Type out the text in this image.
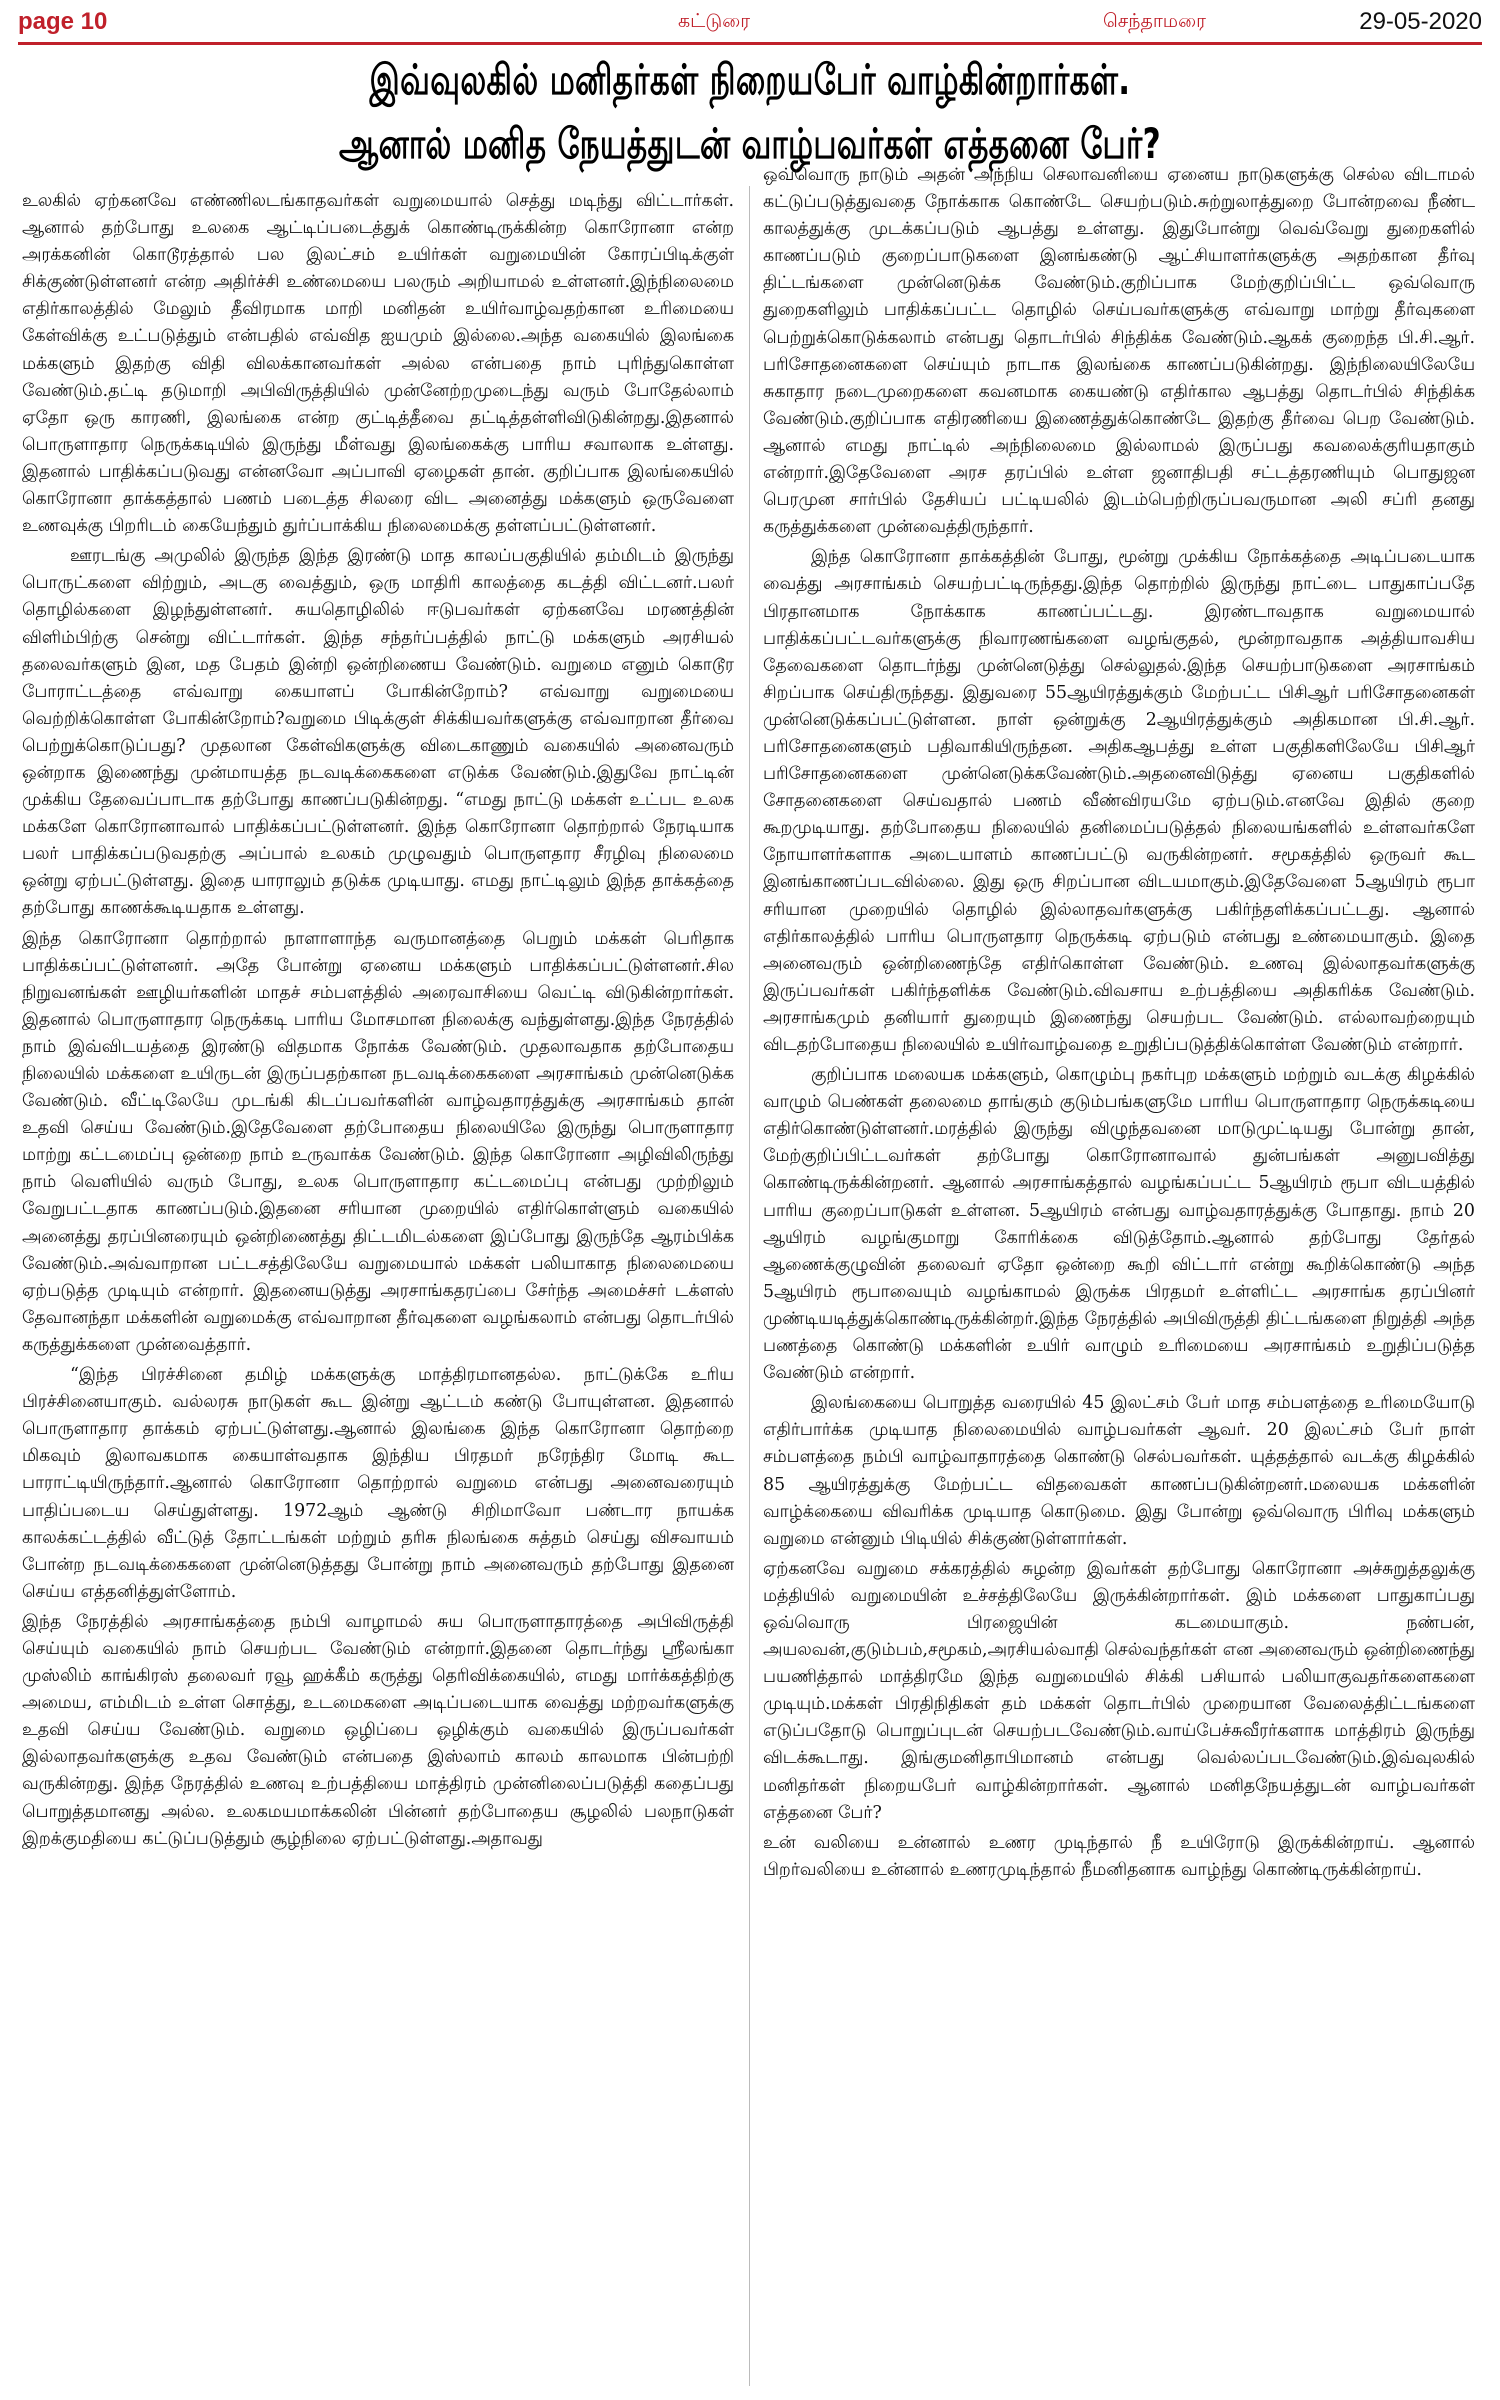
page 10	கட்டுரை	செந்தாமரை	29-05-2020
இவ்வுலகில் மனிதர்கள் நிறையபேர் வாழ்கின்றார்கள்.
ஆனால் மனித நேயத்துடன் வாழ்பவர்கள் எத்தனை பேர்?

உலகில் ஏற்கனவே எண்ணிலடங்காதவர்கள் வறுமையால் செத்து மடிந்து விட்டார்கள். ஆனால் தற்போது உலகை ஆட்டிப்படைத்துக் கொண்டிருக்கின்ற கொரோனா என்ற அரக்கனின் கொடூரத்தால் பல இலட்சம் உயிர்கள் வறுமையின் கோரப்பிடிக்குள் சிக்குண்டுள்ளனர் என்ற அதிர்ச்சி உண்மையை பலரும் அறியாமல் உள்ளனர்.இந்நிலைமை எதிர்காலத்தில் மேலும் தீவிரமாக மாறி மனிதன் உயிர்வாழ்வதற்கான உரிமையை கேள்விக்கு உட்படுத்தும் என்பதில் எவ்வித ஐயமும் இல்லை.அந்த வகையில் இலங்கை மக்களும் இதற்கு விதி விலக்கானவர்கள் அல்ல என்பதை நாம் புரிந்துகொள்ள வேண்டும்.தட்டி தடுமாறி அபிவிருத்தியில் முன்னேற்றமுடைந்து வரும் போதேல்லாம் ஏதோ ஒரு காரணி, இலங்கை என்ற குட்டித்தீவை தட்டித்தள்ளிவிடுகின்றது.இதனால் பொருளாதார நெருக்கடியில் இருந்து மீள்வது இலங்கைக்கு பாரிய சவாலாக உள்ளது. இதனால் பாதிக்கப்படுவது என்னவோ அப்பாவி ஏழைகள் தான். குறிப்பாக இலங்கையில் கொரோனா தாக்கத்தால் பணம் படைத்த சிலரை விட அனைத்து மக்களும் ஒருவேளை உணவுக்கு பிறரிடம் கையேந்தும் துர்ப்பாக்கிய நிலைமைக்கு தள்ளப்பட்டுள்ளனர்.

ஊரடங்கு அமுலில் இருந்த இந்த இரண்டு மாத காலப்பகுதியில் தம்மிடம் இருந்து பொருட்களை விற்றும், அடகு வைத்தும், ஒரு மாதிரி காலத்தை கடத்தி விட்டனர்.பலர் தொழில்களை இழந்துள்ளனர். சுயதொழிலில் ஈடுபவர்கள் ஏற்கனவே மரணத்தின் விளிம்பிற்கு சென்று விட்டார்கள். இந்த சந்தர்ப்பத்தில் நாட்டு மக்களும் அரசியல் தலைவர்களும் இன, மத பேதம் இன்றி ஒன்றிணைய வேண்டும். வறுமை எனும் கொடூர போராட்டத்தை எவ்வாறு கையாளப் போகின்றோம்? எவ்வாறு வறுமையை வெற்றிக்கொள்ள போகின்றோம்?வறுமை பிடிக்குள் சிக்கியவர்களுக்கு எவ்வாறான தீர்வை பெற்றுக்கொடுப்பது? முதலான கேள்விகளுக்கு விடைகாணும் வகையில் அனைவரும் ஒன்றாக இணைந்து முன்மாயத்த நடவடிக்கைகளை எடுக்க வேண்டும்.இதுவே நாட்டின் முக்கிய தேவைப்பாடாக தற்போது காணப்படுகின்றது. “எமது நாட்டு மக்கள் உட்பட உலக மக்களே கொரோனாவால் பாதிக்கப்பட்டுள்ளனர். இந்த கொரோனா தொற்றால் நேரடியாக பலர் பாதிக்கப்படுவதற்கு அப்பால் உலகம் முழுவதும் பொருளதார சீரழிவு நிலைமை ஒன்று ஏற்பட்டுள்ளது. இதை யாராலும் தடுக்க முடியாது. எமது நாட்டிலும் இந்த தாக்கத்தை தற்போது காணக்கூடியதாக உள்ளது.

இந்த கொரோனா தொற்றால் நாளாளாந்த வருமானத்தை பெறும் மக்கள் பெரிதாக பாதிக்கப்பட்டுள்ளனர். அதே போன்று ஏனைய மக்களும் பாதிக்கப்பட்டுள்ளனர்.சில நிறுவனங்கள் ஊழியர்களின் மாதச் சம்பளத்தில் அரைவாசியை வெட்டி விடுகின்றார்கள். இதனால் பொருளாதார நெருக்கடி பாரிய மோசமான நிலைக்கு வந்துள்ளது.இந்த நேரத்தில் நாம் இவ்விடயத்தை இரண்டு விதமாக நோக்க வேண்டும். முதலாவதாக தற்போதைய நிலையில் மக்களை உயிருடன் இருப்பதற்கான நடவடிக்கைகளை அரசாங்கம் முன்னெடுக்க வேண்டும். வீட்டிலேயே முடங்கி கிடப்பவர்களின் வாழ்வதாரத்துக்கு அரசாங்கம் தான் உதவி செய்ய வேண்டும்.இதேவேளை தற்போதைய நிலையிலே இருந்து பொருளாதார மாற்று கட்டமைப்பு ஒன்றை நாம் உருவாக்க வேண்டும். இந்த கொரோனா அழிவிலிருந்து நாம் வெளியில் வரும் போது, உலக பொருளாதார கட்டமைப்பு என்பது முற்றிலும் வேறுபட்டதாக காணப்படும்.இதனை சரியான முறையில் எதிர்கொள்ளும் வகையில் அனைத்து தரப்பினரையும் ஒன்றிணைத்து திட்டமிடல்களை இப்போது இருந்தே ஆரம்பிக்க வேண்டும்.அவ்வாறான பட்டசத்திலேயே வறுமையால் மக்கள் பலியாகாத நிலைமையை ஏற்படுத்த முடியும் என்றார். இதனையடுத்து அரசாங்கதரப்பை சேர்ந்த அமைச்சர் டக்ளஸ் தேவானந்தா மக்களின் வறுமைக்கு எவ்வாறான தீர்வுகளை வழங்கலாம் என்பது தொடர்பில் கருத்துக்களை முன்வைத்தார்.

“இந்த பிரச்சினை தமிழ் மக்களுக்கு மாத்திரமானதல்ல. நாட்டுக்கே உரிய பிரச்சினையாகும். வல்லரசு நாடுகள் கூட இன்று ஆட்டம் கண்டு போயுள்ளன. இதனால் பொருளாதார தாக்கம் ஏற்பட்டுள்ளது.ஆனால் இலங்கை இந்த கொரோனா தொற்றை மிகவும் இலாவகமாக கையாள்வதாக இந்திய பிரதமர் நரேந்திர மோடி கூட பாராட்டியிருந்தார்.ஆனால் கொரோனா தொற்றால் வறுமை என்பது அனைவரையும் பாதிப்படைய செய்துள்ளது. 1972ஆம் ஆண்டு சிறிமாவோ பண்டார நாயக்க காலக்கட்டத்தில் வீட்டுத் தோட்டங்கள் மற்றும் தரிசு நிலங்கை சுத்தம் செய்து விசவாயம் போன்ற நடவடிக்கைகளை முன்னெடுத்தது போன்று நாம் அனைவரும் தற்போது இதனை செய்ய எத்தனித்துள்ளோம்.

இந்த நேரத்தில் அரசாங்கத்தை நம்பி வாழாமல் சுய பொருளாதாரத்தை அபிவிருத்தி செய்யும் வகையில் நாம் செயற்பட வேண்டும் என்றார்.இதனை தொடர்ந்து ஸ்ரீலங்கா முஸ்லிம் காங்கிரஸ் தலைவர் ரவூ ஹக்கீம் கருத்து தெரிவிக்கையில், எமது மார்க்கத்திற்கு அமைய, எம்மிடம் உள்ள சொத்து, உடமைகளை அடிப்படையாக வைத்து மற்றவர்களுக்கு உதவி செய்ய வேண்டும். வறுமை ஒழிப்பை ஒழிக்கும் வகையில் இருப்பவர்கள் இல்லாதவர்களுக்கு உதவ வேண்டும் என்பதை இஸ்லாம் காலம் காலமாக பின்பற்றி வருகின்றது. இந்த நேரத்தில் உணவு உற்பத்தியை மாத்திரம் முன்னிலைப்படுத்தி கதைப்பது பொறுத்தமானது அல்ல. உலகமயமாக்கலின் பின்னர் தற்போதைய சூழலில் பலநாடுகள் இறக்குமதியை கட்டுப்படுத்தும் சூழ்நிலை ஏற்பட்டுள்ளது.அதாவது

ஒவ்வொரு நாடும் அதன் அந்நிய செலாவனியை ஏனைய நாடுகளுக்கு செல்ல விடாமல் கட்டுப்படுத்துவதை நோக்காக கொண்டே செயற்படும்.சுற்றுலாத்துறை போன்றவை நீண்ட காலத்துக்கு முடக்கப்படும் ஆபத்து உள்ளது. இதுபோன்று வெவ்வேறு துறைகளில் காணப்படும் குறைப்பாடுகளை இனங்கண்டு ஆட்சியாளர்களுக்கு அதற்கான தீர்வு திட்டங்களை முன்னெடுக்க வேண்டும்.குறிப்பாக மேற்குறிப்பிட்ட ஒவ்வொரு துறைகளிலும் பாதிக்கப்பட்ட தொழில் செய்பவர்களுக்கு எவ்வாறு மாற்று தீர்வுகளை பெற்றுக்கொடுக்கலாம் என்பது தொடர்பில் சிந்திக்க வேண்டும்.ஆகக் குறைந்த பி.சி.ஆர். பரிசோதனைகளை செய்யும் நாடாக இலங்கை காணப்படுகின்றது. இந்நிலையிலேயே சுகாதார நடைமுறைகளை கவனமாக கையண்டு எதிர்கால ஆபத்து தொடர்பில் சிந்திக்க வேண்டும்.குறிப்பாக எதிரணியை இணைத்துக்கொண்டே இதற்கு தீர்வை பெற வேண்டும். ஆனால் எமது நாட்டில் அந்நிலைமை இல்லாமல் இருப்பது கவலைக்குரியதாகும் என்றார்.இதேவேளை அரச தரப்பில் உள்ள ஜனாதிபதி சட்டத்தரணியும் பொதுஜன பெரமுன சார்பில் தேசியப் பட்டியலில் இடம்பெற்றிருப்பவருமான அலி சப்ரி தனது கருத்துக்களை முன்வைத்திருந்தார்.

இந்த கொரோனா தாக்கத்தின் போது, மூன்று முக்கிய நோக்கத்தை அடிப்படையாக வைத்து அரசாங்கம் செயற்பட்டிருந்தது.இந்த தொற்றில் இருந்து நாட்டை பாதுகாப்பதே பிரதானமாக நோக்காக காணப்பட்டது. இரண்டாவதாக வறுமையால் பாதிக்கப்பட்டவர்களுக்கு நிவாரணங்களை வழங்குதல், மூன்றாவதாக அத்தியாவசிய தேவைகளை தொடர்ந்து முன்னெடுத்து செல்லுதல்.இந்த செயற்பாடுகளை அரசாங்கம் சிறப்பாக செய்திருந்தது. இதுவரை 55ஆயிரத்துக்கும் மேற்பட்ட பிசிஆர் பரிசோதனைகள் முன்னெடுக்கப்பட்டுள்ளன. நாள் ஒன்றுக்கு 2ஆயிரத்துக்கும் அதிகமான பி.சி.ஆர். பரிசோதனைகளும் பதிவாகியிருந்தன. அதிகஆபத்து உள்ள பகுதிகளிலேயே பிசிஆர் பரிசோதனைகளை முன்னெடுக்கவேண்டும்.அதனைவிடுத்து ஏனைய பகுதிகளில் சோதனைகளை செய்வதால் பணம் வீண்விரயமே ஏற்படும்.எனவே இதில் குறை கூறமுடியாது. தற்போதைய நிலையில் தனிமைப்படுத்தல் நிலையங்களில் உள்ளவர்களே நோயாளர்களாக அடையாளம் காணப்பட்டு வருகின்றனர். சமூகத்தில் ஒருவர் கூட இனங்காணப்படவில்லை. இது ஒரு சிறப்பான விடயமாகும்.இதேவேளை 5ஆயிரம் ரூபா சரியான முறையில் தொழில் இல்லாதவர்களுக்கு பகிர்ந்தளிக்கப்பட்டது. ஆனால் எதிர்காலத்தில் பாரிய பொருளதார நெருக்கடி ஏற்படும் என்பது உண்மையாகும். இதை அனைவரும் ஒன்றிணைந்தே எதிர்கொள்ள வேண்டும். உணவு இல்லாதவர்களுக்கு இருப்பவர்கள் பகிர்ந்தளிக்க வேண்டும்.விவசாய உற்பத்தியை அதிகரிக்க வேண்டும். அரசாங்கமும் தனியார் துறையும் இணைந்து செயற்பட வேண்டும். எல்லாவற்றையும் விடதற்போதைய நிலையில் உயிர்வாழ்வதை உறுதிப்படுத்திக்கொள்ள வேண்டும் என்றார்.

குறிப்பாக மலையக மக்களும், கொழும்பு நகர்புற மக்களும் மற்றும் வடக்கு கிழக்கில் வாழும் பெண்கள் தலைமை தாங்கும் குடும்பங்களுமே பாரிய பொருளாதார நெருக்கடியை எதிர்கொண்டுள்ளனர்.மரத்தில் இருந்து விழுந்தவனை மாடுமுட்டியது போன்று தான், மேற்குறிப்பிட்டவர்கள் தற்போது கொரோனாவால் துன்பங்கள் அனுபவித்து கொண்டிருக்கின்றனர். ஆனால் அரசாங்கத்தால் வழங்கப்பட்ட 5ஆயிரம் ரூபா விடயத்தில் பாரிய குறைப்பாடுகள் உள்ளன. 5ஆயிரம் என்பது வாழ்வதாரத்துக்கு போதாது. நாம் 20 ஆயிரம் வழங்குமாறு கோரிக்கை விடுத்தோம்.ஆனால் தற்போது தேர்தல் ஆணைக்குழுவின் தலைவர் ஏதோ ஒன்றை கூறி விட்டார் என்று கூறிக்கொண்டு அந்த 5ஆயிரம் ரூபாவையும் வழங்காமல் இருக்க பிரதமர் உள்ளிட்ட அரசாங்க தரப்பினர் முண்டியடித்துக்கொண்டிருக்கின்றர்.இந்த நேரத்தில் அபிவிருத்தி திட்டங்களை நிறுத்தி அந்த பணத்தை கொண்டு மக்களின் உயிர் வாழும் உரிமையை அரசாங்கம் உறுதிப்படுத்த வேண்டும் என்றார்.

இலங்கையை பொறுத்த வரையில் 45 இலட்சம் பேர் மாத சம்பளத்தை உரிமையோடு எதிர்பார்க்க முடியாத நிலைமையில் வாழ்பவர்கள் ஆவர். 20 இலட்சம் பேர் நாள் சம்பளத்தை நம்பி வாழ்வாதாரத்தை கொண்டு செல்பவர்கள். யுத்தத்தால் வடக்கு கிழக்கில் 85 ஆயிரத்துக்கு மேற்பட்ட விதவைகள் காணப்படுகின்றனர்.மலையக மக்களின் வாழ்க்கையை விவரிக்க முடியாத கொடுமை. இது போன்று ஒவ்வொரு பிரிவு மக்களும் வறுமை என்னும் பிடியில் சிக்குண்டுள்ளார்கள்.

ஏற்கனவே வறுமை சக்கரத்தில் சுழன்ற இவர்கள் தற்போது கொரோனா அச்சுறுத்தலுக்கு மத்தியில் வறுமையின் உச்சத்திலேயே இருக்கின்றார்கள். இம் மக்களை பாதுகாப்பது ஒவ்வொரு பிரஜையின் கடமையாகும். நண்பன், அயலவன்,குடும்பம்,சமூகம்,அரசியல்வாதி செல்வந்தர்கள் என அனைவரும் ஒன்றிணைந்து பயணித்தால் மாத்திரமே இந்த வறுமையில் சிக்கி பசியால் பலியாகுவதர்களைகளை முடியும்.மக்கள் பிரதிநிதிகள் தம் மக்கள் தொடர்பில் முறையான வேலைத்திட்டங்களை எடுப்பதோடு பொறுப்புடன் செயற்படவேண்டும்.வாய்பேச்சுவீரர்களாக மாத்திரம் இருந்து விடக்கூடாது. இங்குமனிதாபிமானம் என்பது வெல்லப்படவேண்டும்.இவ்வுலகில் மனிதர்கள் நிறையபேர் வாழ்கின்றார்கள். ஆனால் மனிதநேயத்துடன் வாழ்பவர்கள் எத்தனை பேர்?

உன் வலியை உன்னால் உணர முடிந்தால் நீ உயிரோடு இருக்கின்றாய். ஆனால் பிறர்வலியை உன்னால் உணரமுடிந்தால் நீமனிதனாக வாழ்ந்து கொண்டிருக்கின்றாய்.
